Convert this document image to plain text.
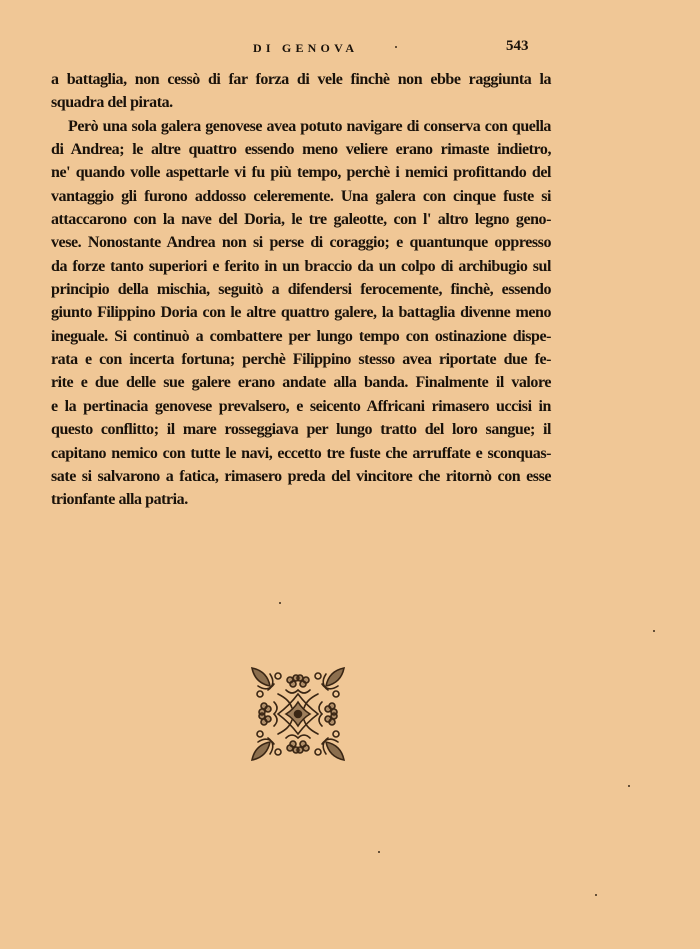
DI GENOVA	543

a battaglia, non cessò di far forza di vele finchè non ebbe raggiunta la
squadra del pirata.

Però una sola galera genovese avea potuto navigare di conserva con quella
di Andrea; le altre quattro essendo meno veliere erano rimaste indietro,
ne' quando volle aspettarle vi fu più tempo, perchè i nemici profittando del
vantaggio gli furono addosso celeremente. Una galera con cinque fuste si
attaccarono con la nave del Doria, le tre galeotte, con l' altro legno geno-
vese. Nonostante Andrea non si perse di coraggio; e quantunque oppresso
da forze tanto superiori e ferito in un braccio da un colpo di archibugio sul
principio della mischia, seguitò a difendersi ferocemente, finchè, essendo
giunto Filippino Doria con le altre quattro galere, la battaglia divenne meno
ineguale. Si continuò a combattere per lungo tempo con ostinazione dispe-
rata e con incerta fortuna; perchè Filippino stesso avea riportate due fe-
rite e due delle sue galere erano andate alla banda. Finalmente il valore
e la pertinacia genovese prevalsero, e seicento Affricani rimasero uccisi in
questo conflitto; il mare rosseggiava per lungo tratto del loro sangue; il
capitano nemico con tutte le navi, eccetto tre fuste che arruffate e sconquas-
sate si salvarono a fatica, rimasero preda del vincitore che ritornò con esse
trionfante alla patria.
